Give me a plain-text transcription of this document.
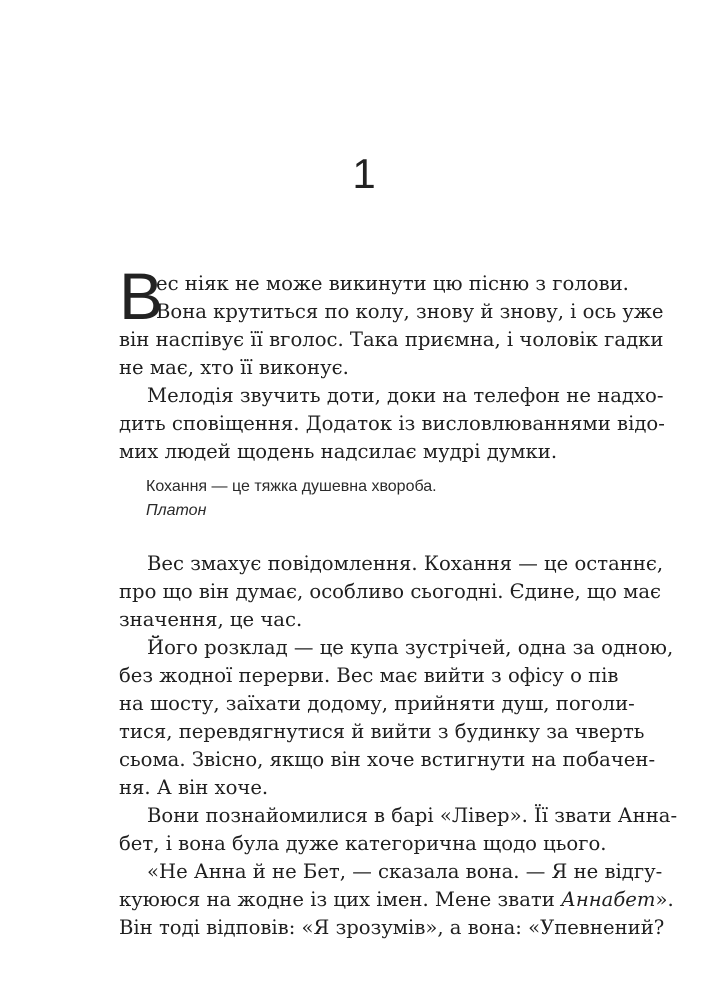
1
В
ес ніяк не може викинути цю пісню з голови.
Вона крутиться по колу, знову й знову, і ось уже
він наспівує її вголос. Така приємна, і чоловік гадки
не має, хто її виконує.
Мелодія звучить доти, доки на телефон не надхо-
дить сповіщення. Додаток із висловлюваннями відо-
мих людей щодень надсилає мудрі думки.
Кохання — це тяжка душевна хвороба.
Платон
Вес змахує повідомлення. Кохання — це останнє,
про що він думає, особливо сьогодні. Єдине, що має
значення, це час.
Його розклад — це купа зустрічей, одна за одною,
без жодної перерви. Вес має вийти з офісу о пів
на шосту, заїхати додому, прийняти душ, поголи-
тися, перевдягнутися й вийти з будинку за чверть
сьома. Звісно, якщо він хоче встигнути на побачен-
ня. А він хоче.
Вони познайомилися в барі «Лівер». Її звати Анна-
бет, і вона була дуже категорична щодо цього.
«Не Анна й не Бет, — сказала вона. — Я не відгу-
куююся на жодне із цих імен. Мене звати Аннабет».
Він тоді відповів: «Я зрозумів», а вона: «Упевнений?
